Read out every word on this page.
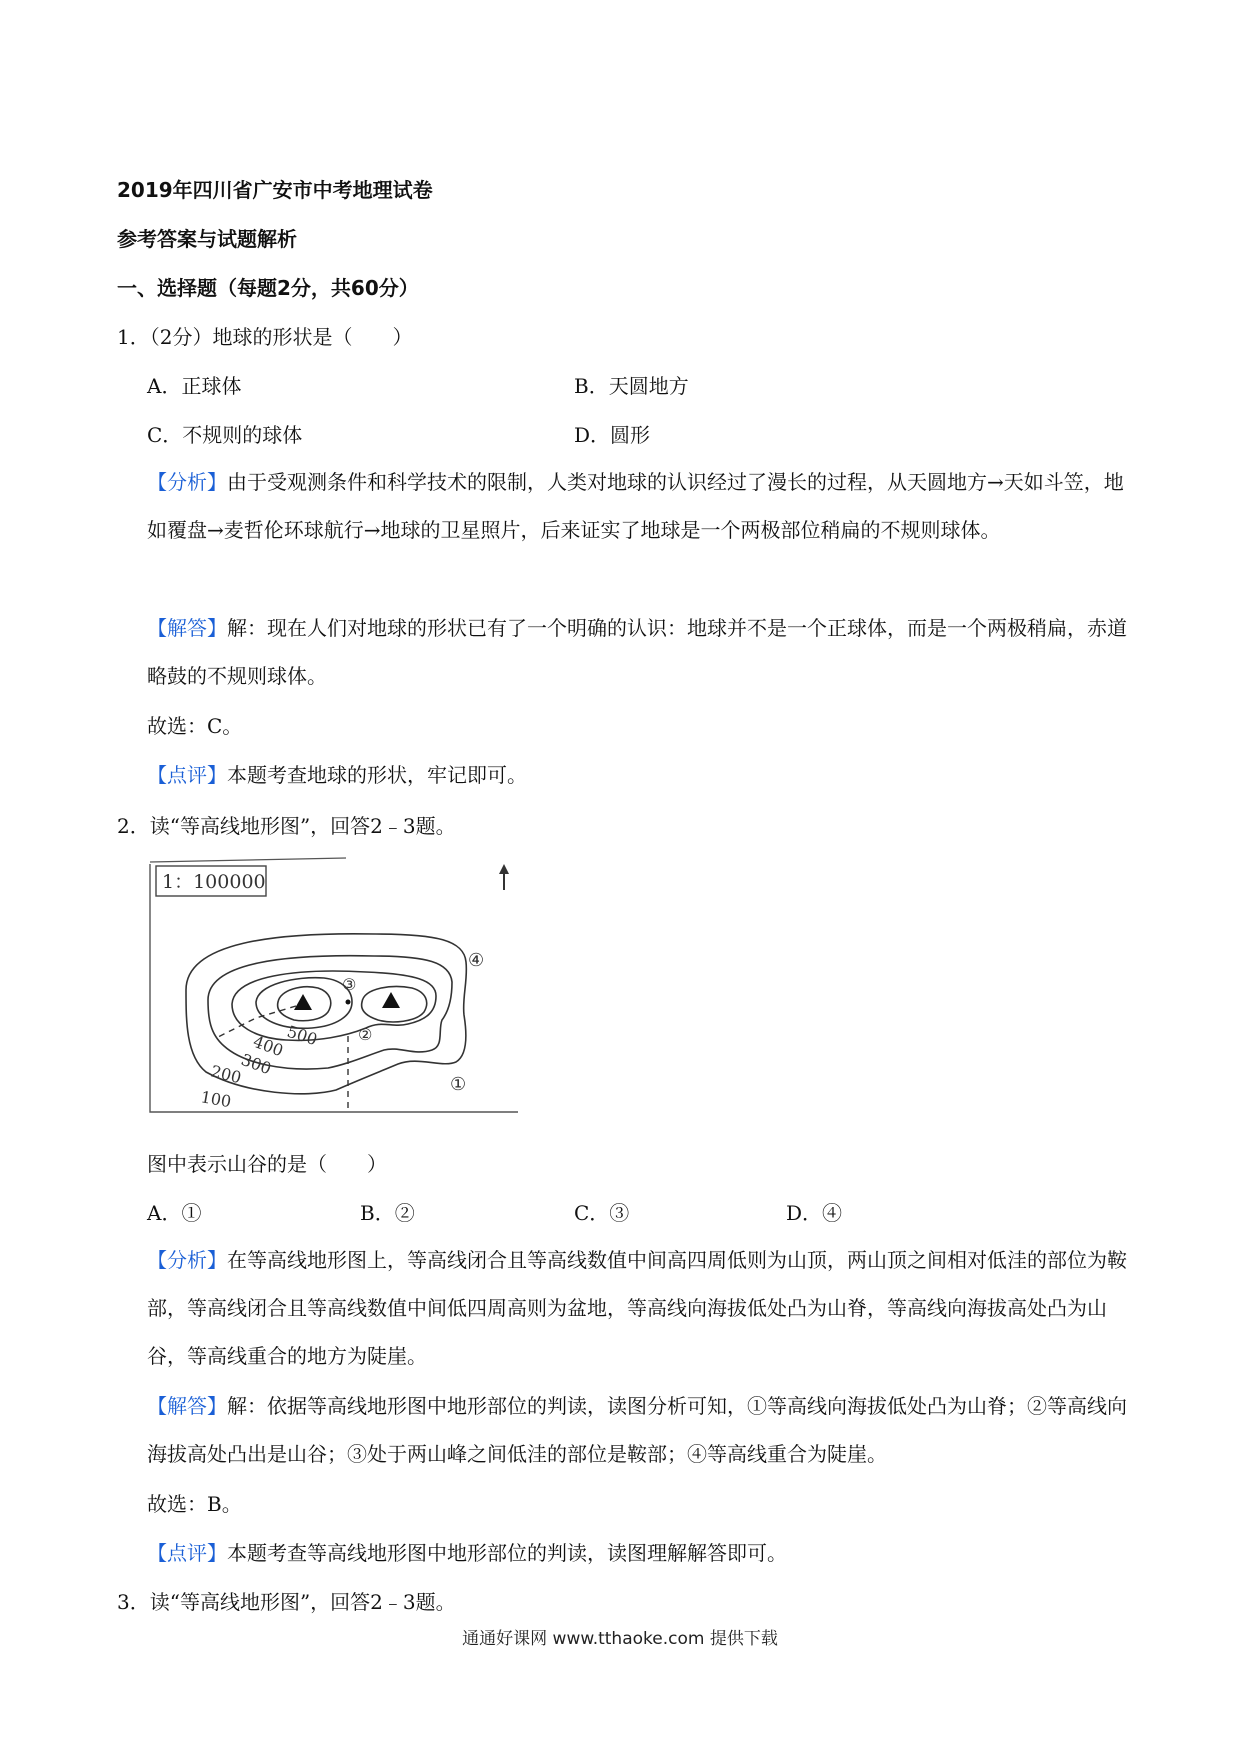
2019年四川省广安市中考地理试卷
参考答案与试题解析
一、选择题（每题2分，共60分）
1．（2分）地球的形状是（　　）
A．正球体	B．天圆地方
C．不规则的球体	D．圆形
【分析】由于受观测条件和科学技术的限制，人类对地球的认识经过了漫长的过程，从天圆地方→天如斗笠，地如覆盘→麦哲伦环球航行→地球的卫星照片，后来证实了地球是一个两极部位稍扁的不规则球体。
【解答】解：现在人们对地球的形状已有了一个明确的认识：地球并不是一个正球体，而是一个两极稍扁，赤道略鼓的不规则球体。
故选：C。
【点评】本题考查地球的形状，牢记即可。
2．读“等高线地形图”，回答2﹣3题。
1：100000
500
400
300
200
100
①
②
③
④
图中表示山谷的是（　　）
A．①	B．②	C．③	D．④
【分析】在等高线地形图上，等高线闭合且等高线数值中间高四周低则为山顶，两山顶之间相对低洼的部位为鞍部，等高线闭合且等高线数值中间低四周高则为盆地，等高线向海拔低处凸为山脊，等高线向海拔高处凸为山谷，等高线重合的地方为陡崖。
【解答】解：依据等高线地形图中地形部位的判读，读图分析可知，①等高线向海拔低处凸为山脊；②等高线向海拔高处凸出是山谷；③处于两山峰之间低洼的部位是鞍部；④等高线重合为陡崖。
故选：B。
【点评】本题考查等高线地形图中地形部位的判读，读图理解解答即可。
3．读“等高线地形图”，回答2﹣3题。
通通好课网 www.tthaoke.com 提供下载
